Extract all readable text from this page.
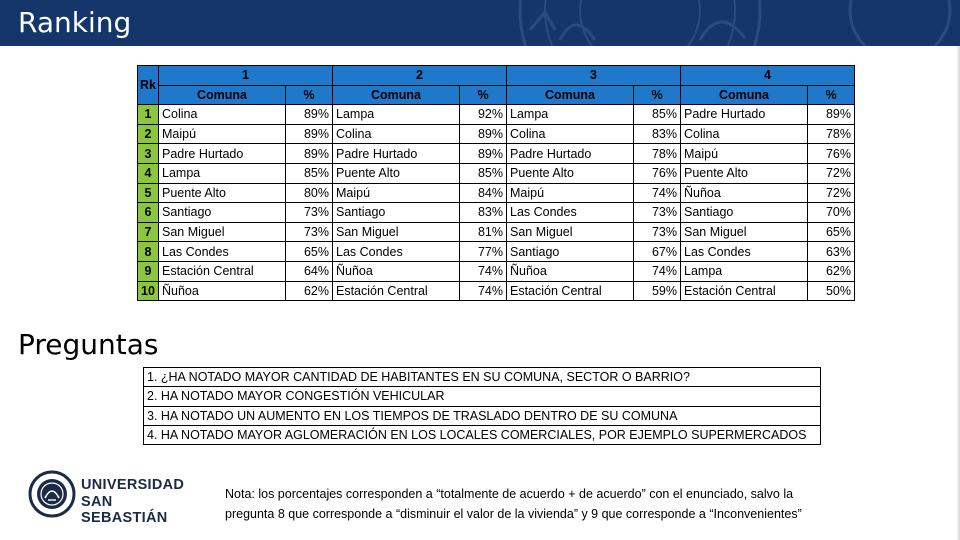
Ranking
Rk	1		2		3		4	
	Comuna	%	Comuna	%	Comuna	%	Comuna	%
1	Colina	89%	Lampa	92%	Lampa	85%	Padre Hurtado	89%
2	Maipú	89%	Colina	89%	Colina	83%	Colina	78%
3	Padre Hurtado	89%	Padre Hurtado	89%	Padre Hurtado	78%	Maipú	76%
4	Lampa	85%	Puente Alto	85%	Puente Alto	76%	Puente Alto	72%
5	Puente Alto	80%	Maipú	84%	Maipú	74%	Ñuñoa	72%
6	Santiago	73%	Santiago	83%	Las Condes	73%	Santiago	70%
7	San Miguel	73%	San Miguel	81%	San Miguel	73%	San Miguel	65%
8	Las Condes	65%	Las Condes	77%	Santiago	67%	Las Condes	63%
9	Estación Central	64%	Ñuñoa	74%	Ñuñoa	74%	Lampa	62%
10	Ñuñoa	62%	Estación Central	74%	Estación Central	59%	Estación Central	50%
Preguntas
1. ¿HA NOTADO MAYOR CANTIDAD DE HABITANTES EN SU COMUNA, SECTOR O BARRIO?
2. HA NOTADO MAYOR CONGESTIÓN VEHICULAR
3. HA NOTADO UN AUMENTO EN LOS TIEMPOS DE TRASLADO DENTRO DE SU COMUNA
4. HA NOTADO MAYOR AGLOMERACIÓN EN LOS LOCALES COMERCIALES, POR EJEMPLO SUPERMERCADOS
UNIVERSIDAD
SAN SEBASTIÁN
Nota: los porcentajes corresponden a “totalmente de acuerdo + de acuerdo” con el enunciado, salvo la
pregunta 8 que corresponde a “disminuir el valor de la vivienda” y 9 que corresponde a “Inconvenientes”
